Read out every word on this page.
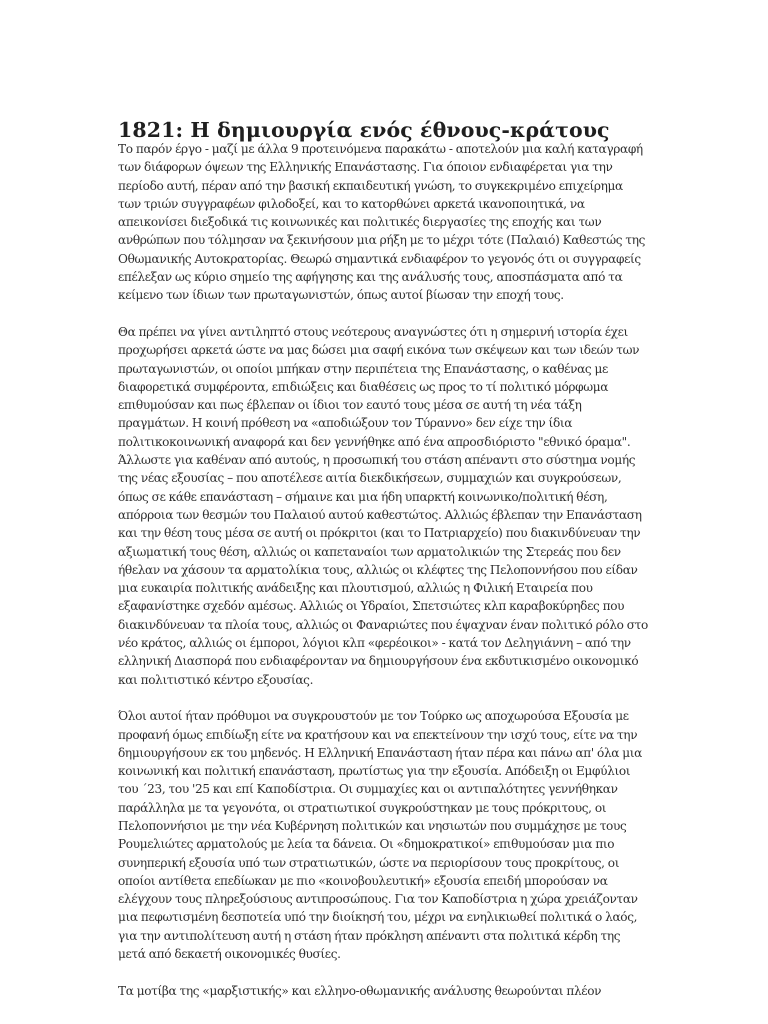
1821: Η δημιουργία ενός έθνους-κράτους

Το παρόν έργο - μαζί με άλλα 9 προτεινόμενα παρακάτω - αποτελούν μια καλή καταγραφή των διάφορων όψεων της Ελληνικής Επανάστασης. Για όποιον ενδιαφέρεται για την περίοδο αυτή, πέραν από την βασική εκπαιδευτική γνώση, το συγκεκριμένο επιχείρημα των τριών συγγραφέων φιλοδοξεί, και το κατορθώνει αρκετά ικανοποιητικά, να απεικονίσει διεξοδικά τις κοινωνικές και πολιτικές διεργασίες της εποχής και των ανθρώπων που τόλμησαν να ξεκινήσουν μια ρήξη με το μέχρι τότε (Παλαιό) Καθεστώς της Οθωμανικής Αυτοκρατορίας. Θεωρώ σημαντικά ενδιαφέρον το γεγονός ότι οι συγγραφείς επέλεξαν ως κύριο σημείο της αφήγησης και της ανάλυσής τους, αποσπάσματα από τα κείμενο των ίδιων των πρωταγωνιστών, όπως αυτοί βίωσαν την εποχή τους.

Θα πρέπει να γίνει αντιληπτό στους νεότερους αναγνώστες ότι η σημερινή ιστορία έχει προχωρήσει αρκετά ώστε να μας δώσει μια σαφή εικόνα των σκέψεων και των ιδεών των πρωταγωνιστών, οι οποίοι μπήκαν στην περιπέτεια της Επανάστασης, ο καθένας με διαφορετικά συμφέροντα, επιδιώξεις και διαθέσεις ως προς το τί πολιτικό μόρφωμα επιθυμούσαν και πως έβλεπαν οι ίδιοι τον εαυτό τους μέσα σε αυτή τη νέα τάξη πραγμάτων. Η κοινή πρόθεση να «αποδιώξουν τον Τύραννο» δεν είχε την ίδια πολιτικοκοινωνική αναφορά και δεν γεννήθηκε από ένα απροσδιόριστο "εθνικό όραμα". Άλλωστε για καθέναν από αυτούς, η προσωπική του στάση απέναντι στο σύστημα νομής της νέας εξουσίας – που αποτέλεσε αιτία διεκδικήσεων, συμμαχιών και συγκρούσεων, όπως σε κάθε επανάσταση – σήμαινε και μια ήδη υπαρκτή κοινωνικο/πολιτική θέση, απόρροια των θεσμών του Παλαιού αυτού καθεστώτος. Αλλιώς έβλεπαν την Επανάσταση και την θέση τους μέσα σε αυτή οι πρόκριτοι (και το Πατριαρχείο) που διακινδύνευαν την αξιωματική τους θέση, αλλιώς οι καπεταναίοι των αρματολικιών της Στερεάς που δεν ήθελαν να χάσουν τα αρματολίκια τους, αλλιώς οι κλέφτες της Πελοποννήσου που είδαν μια ευκαιρία πολιτικής ανάδειξης και πλουτισμού, αλλιώς η Φιλική Εταιρεία που εξαφανίστηκε σχεδόν αμέσως. Αλλιώς οι Υδραίοι, Σπετσιώτες κλπ καραβοκύρηδες που διακινδύνευαν τα πλοία τους, αλλιώς οι Φαναριώτες που έψαχναν έναν πολιτικό ρόλο στο νέο κράτος, αλλιώς οι έμποροι, λόγιοι κλπ «φερέοικοι» - κατά τον Δεληγιάννη – από την ελληνική Διασπορά που ενδιαφέρονταν να δημιουργήσουν ένα εκδυτικισμένο οικονομικό και πολιτιστικό κέντρο εξουσίας.

Όλοι αυτοί ήταν πρόθυμοι να συγκρουστούν με τον Τούρκο ως αποχωρούσα Εξουσία με προφανή όμως επιδίωξη είτε να κρατήσουν και να επεκτείνουν την ισχύ τους, είτε να την δημιουργήσουν εκ του μηδενός. Η Ελληνική Επανάσταση ήταν πέρα και πάνω απ' όλα μια κοινωνική και πολιτική επανάσταση, πρωτίστως για την εξουσία. Απόδειξη οι Εμφύλιοι του ΄23, του '25 και επί Καποδίστρια. Οι συμμαχίες και οι αντιπαλότητες γεννήθηκαν παράλληλα με τα γεγονότα, οι στρατιωτικοί συγκρούστηκαν με τους πρόκριτους, οι Πελοποννήσιοι με την νέα Κυβέρνηση πολιτικών και νησιωτών που συμμάχησε με τους Ρουμελιώτες αρματολούς με λεία τα δάνεια. Οι «δημοκρατικοί» επιθυμούσαν μια πιο συνηπερική εξουσία υπό των στρατιωτικών, ώστε να περιορίσουν τους προκρίτους, οι οποίοι αντίθετα επεδίωκαν με πιο «κοινοβουλευτική» εξουσία επειδή μπορούσαν να ελέγχουν τους πληρεξούσιους αντιπροσώπους. Για τον Καποδίστρια η χώρα χρειάζονταν μια πεφωτισμένη δεσποτεία υπό την διοίκησή του, μέχρι να ενηλικιωθεί πολιτικά ο λαός, για την αντιπολίτευση αυτή η στάση ήταν πρόκληση απέναντι στα πολιτικά κέρδη της μετά από δεκαετή οικονομικές θυσίες.

Τα μοτίβα της «μαρξιστικής» και ελληνο-οθωμανικής ανάλυσης θεωρούνται πλέον
